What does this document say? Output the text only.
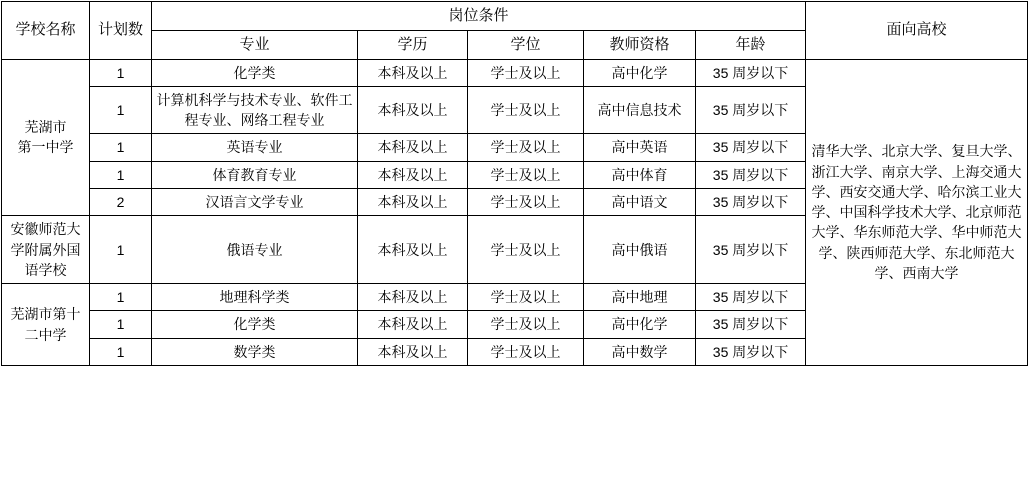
学校名称	计划数	岗位条件					面向高校
		专业	学历	学位	教师资格	年龄	
芜湖市
第一中学	1	化学类	本科及以上	学士及以上	高中化学	35 周岁以下	清华大学、北京大学、复旦大学、浙江大学、南京大学、上海交通大学、西安交通大学、哈尔滨工业大学、中国科学技术大学、北京师范大学、华东师范大学、华中师范大学、陕西师范大学、东北师范大学、西南大学
	1	计算机科学与技术专业、软件工程专业、网络工程专业	本科及以上	学士及以上	高中信息技术	35 周岁以下	
	1	英语专业	本科及以上	学士及以上	高中英语	35 周岁以下	
	1	体育教育专业	本科及以上	学士及以上	高中体育	35 周岁以下	
	2	汉语言文学专业	本科及以上	学士及以上	高中语文	35 周岁以下	
安徽师范大学附属外国语学校	1	俄语专业	本科及以上	学士及以上	高中俄语	35 周岁以下	
芜湖市第十二中学	1	地理科学类	本科及以上	学士及以上	高中地理	35 周岁以下	
	1	化学类	本科及以上	学士及以上	高中化学	35 周岁以下	
	1	数学类	本科及以上	学士及以上	高中数学	35 周岁以下	
